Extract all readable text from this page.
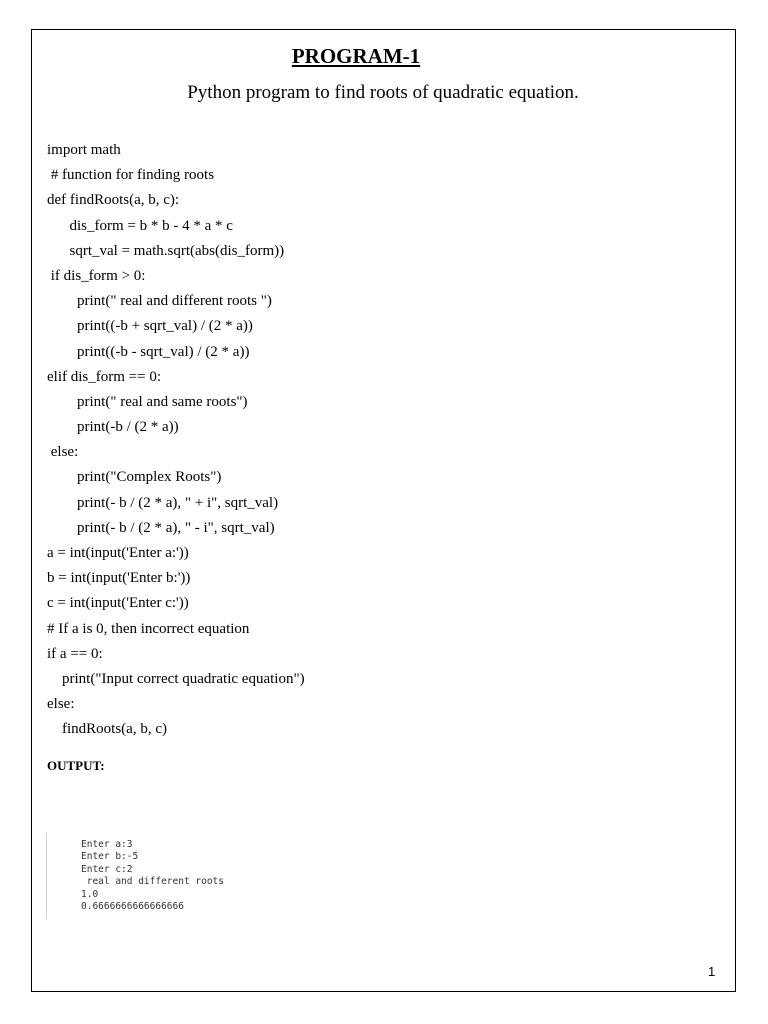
PROGRAM-1
Python program to find roots of quadratic equation.
import math
# function for finding roots
def findRoots(a, b, c):
dis_form = b * b - 4 * a * c
sqrt_val = math.sqrt(abs(dis_form))
if dis_form > 0:
print(" real and different roots ")
print((-b + sqrt_val) / (2 * a))
print((-b - sqrt_val) / (2 * a))
elif dis_form == 0:
print(" real and same roots")
print(-b / (2 * a))
else:
print("Complex Roots")
print(- b / (2 * a), " + i", sqrt_val)
print(- b / (2 * a), " - i", sqrt_val)
a = int(input('Enter a:'))
b = int(input('Enter b:'))
c = int(input('Enter c:'))
# If a is 0, then incorrect equation
if a == 0:
print("Input correct quadratic equation")
else:
findRoots(a, b, c)
OUTPUT:
Enter a:3
Enter b:-5
Enter c:2
real and different roots
1.0
0.6666666666666666
1
